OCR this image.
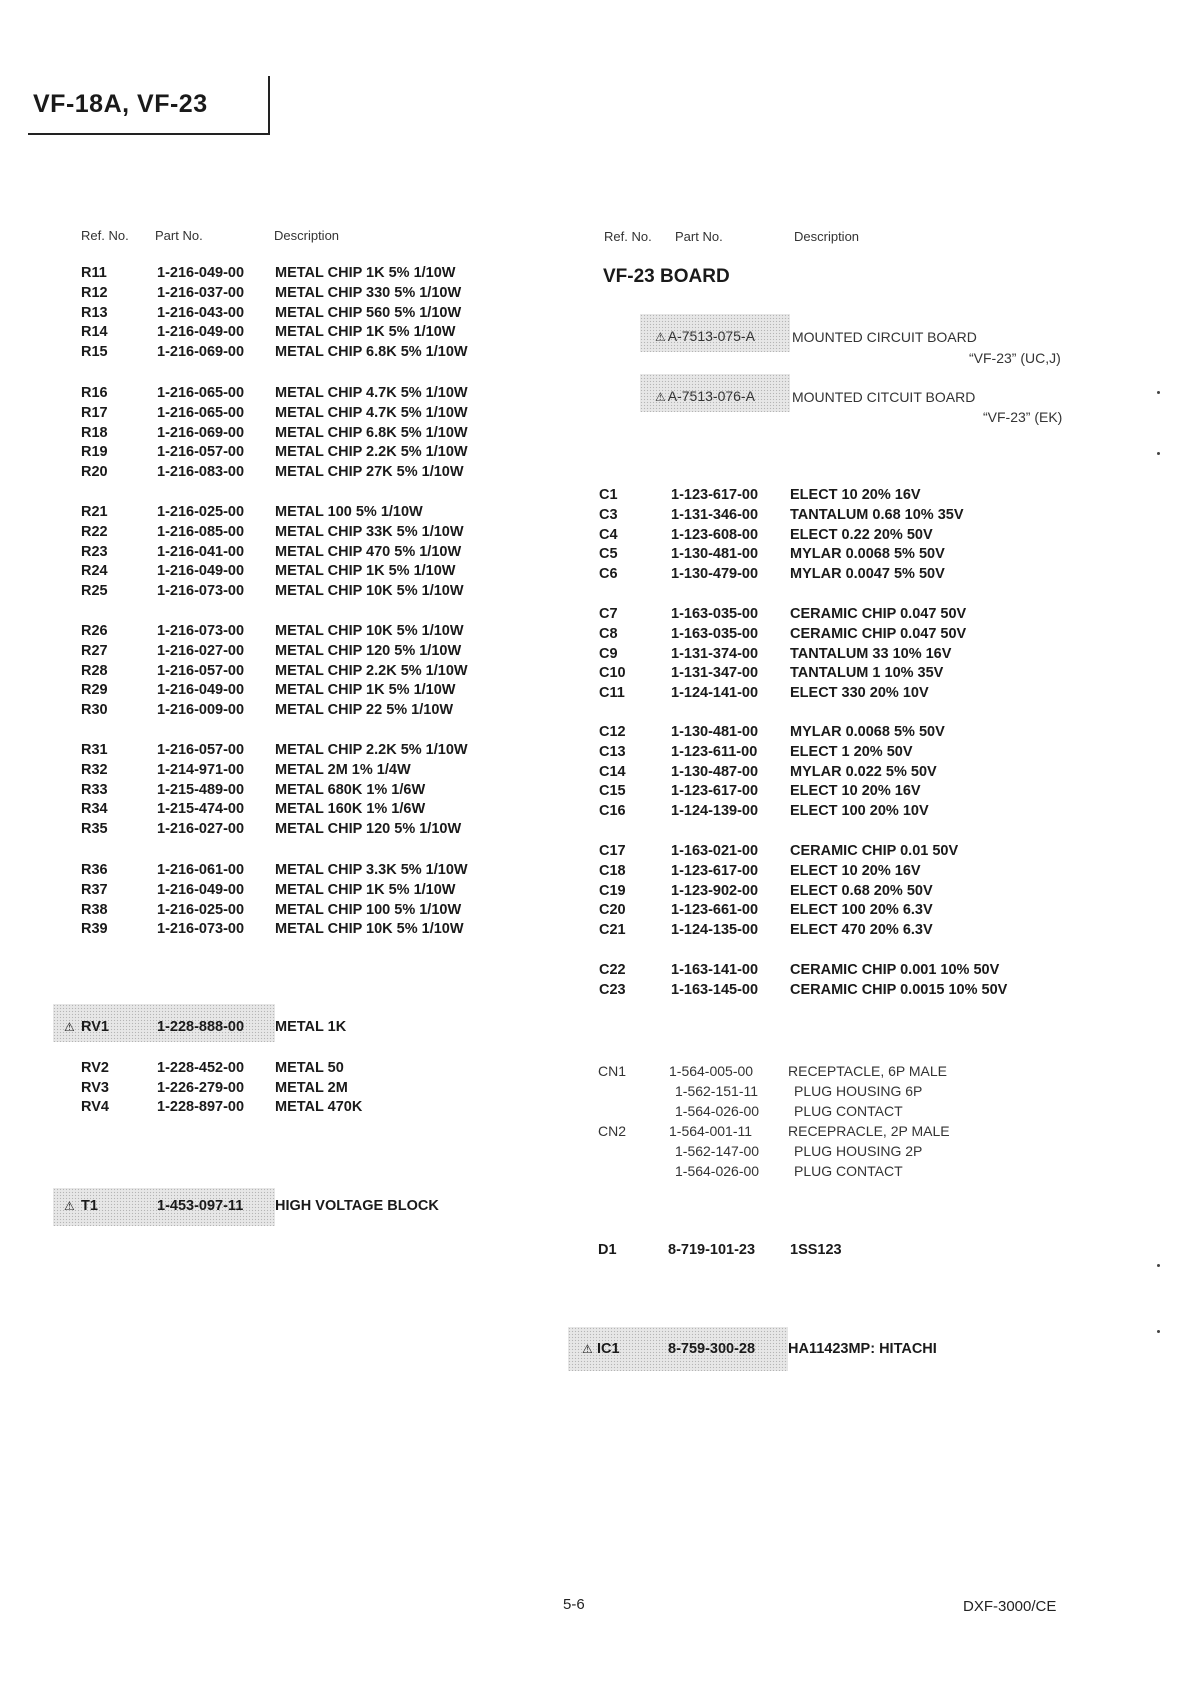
VF-18A, VF-23
Ref. No. Part No.	Description	Ref. No. Part No.	Description
R11	1-216-049-00 METAL CHIP 1K 5% 1/10W
R12	1-216-037-00 METAL CHIP 330 5% 1/10W
R13	1-216-043-00 METAL CHIP 560 5% 1/10W
R14	1-216-049-00 METAL CHIP 1K 5% 1/10W
R15	1-216-069-00 METAL CHIP 6.8K 5% 1/10W
R16	1-216-065-00 METAL CHIP 4.7K 5% 1/10W
R17	1-216-065-00 METAL CHIP 4.7K 5% 1/10W
R18	1-216-069-00 METAL CHIP 6.8K 5% 1/10W
R19	1-216-057-00 METAL CHIP 2.2K 5% 1/10W
R20	1-216-083-00 METAL CHIP 27K 5% 1/10W
R21	1-216-025-00 METAL 100 5% 1/10W
R22	1-216-085-00 METAL CHIP 33K 5% 1/10W
R23	1-216-041-00 METAL CHIP 470 5% 1/10W
R24	1-216-049-00 METAL CHIP 1K 5% 1/10W
R25	1-216-073-00 METAL CHIP 10K 5% 1/10W
R26	1-216-073-00 METAL CHIP 10K 5% 1/10W
R27	1-216-027-00 METAL CHIP 120 5% 1/10W
R28	1-216-057-00 METAL CHIP 2.2K 5% 1/10W
R29	1-216-049-00 METAL CHIP 1K 5% 1/10W
R30	1-216-009-00 METAL CHIP 22 5% 1/10W
R31	1-216-057-00 METAL CHIP 2.2K 5% 1/10W
R32	1-214-971-00 METAL 2M 1% 1/4W
R33	1-215-489-00 METAL 680K 1% 1/6W
R34	1-215-474-00 METAL 160K 1% 1/6W
R35	1-216-027-00 METAL CHIP 120 5% 1/10W
R36	1-216-061-00 METAL CHIP 3.3K 5% 1/10W
R37	1-216-049-00 METAL CHIP 1K 5% 1/10W
R38	1-216-025-00 METAL CHIP 100 5% 1/10W
R39	1-216-073-00 METAL CHIP 10K 5% 1/10W
⚠ RV1	1-228-888-00 METAL 1K
RV2	1-228-452-00 METAL 50
RV3	1-226-279-00 METAL 2M
RV4	1-228-897-00 METAL 470K
⚠ T1	1-453-097-11 HIGH VOLTAGE BLOCK
VF-23 BOARD
⚠ A-7513-075-A	MOUNTED CIRCUIT BOARD
“VF-23” (UC,J)
⚠ A-7513-076-A	MOUNTED CITCUIT BOARD
“VF-23” (EK)
C1	1-123-617-00 ELECT 10 20% 16V
C3	1-131-346-00 TANTALUM 0.68 10% 35V
C4	1-123-608-00 ELECT 0.22 20% 50V
C5	1-130-481-00 MYLAR 0.0068 5% 50V
C6	1-130-479-00 MYLAR 0.0047 5% 50V
C7	1-163-035-00 CERAMIC CHIP 0.047 50V
C8	1-163-035-00 CERAMIC CHIP 0.047 50V
C9	1-131-374-00 TANTALUM 33 10% 16V
C10	1-131-347-00 TANTALUM 1 10% 35V
C11	1-124-141-00 ELECT 330 20% 10V
C12	1-130-481-00 MYLAR 0.0068 5% 50V
C13	1-123-611-00 ELECT 1 20% 50V
C14	1-130-487-00 MYLAR 0.022 5% 50V
C15	1-123-617-00 ELECT 10 20% 16V
C16	1-124-139-00 ELECT 100 20% 10V
C17	1-163-021-00 CERAMIC CHIP 0.01 50V
C18	1-123-617-00 ELECT 10 20% 16V
C19	1-123-902-00 ELECT 0.68 20% 50V
C20	1-123-661-00 ELECT 100 20% 6.3V
C21	1-124-135-00 ELECT 470 20% 6.3V
C22	1-163-141-00 CERAMIC CHIP 0.001 10% 50V
C23	1-163-145-00 CERAMIC CHIP 0.0015 10% 50V
CN1	1-564-005-00 RECEPTACLE, 6P MALE
1-562-151-11	PLUG HOUSING 6P
1-564-026-00 PLUG CONTACT
CN2	1-564-001-11	RECEPRACLE, 2P MALE
1-562-147-00 PLUG HOUSING 2P
1-564-026-00 PLUG CONTACT
D1	8-719-101-23 1SS123
⚠ IC1	8-759-300-28 HA11423MP: HITACHI
5-6	DXF-3000/CE
